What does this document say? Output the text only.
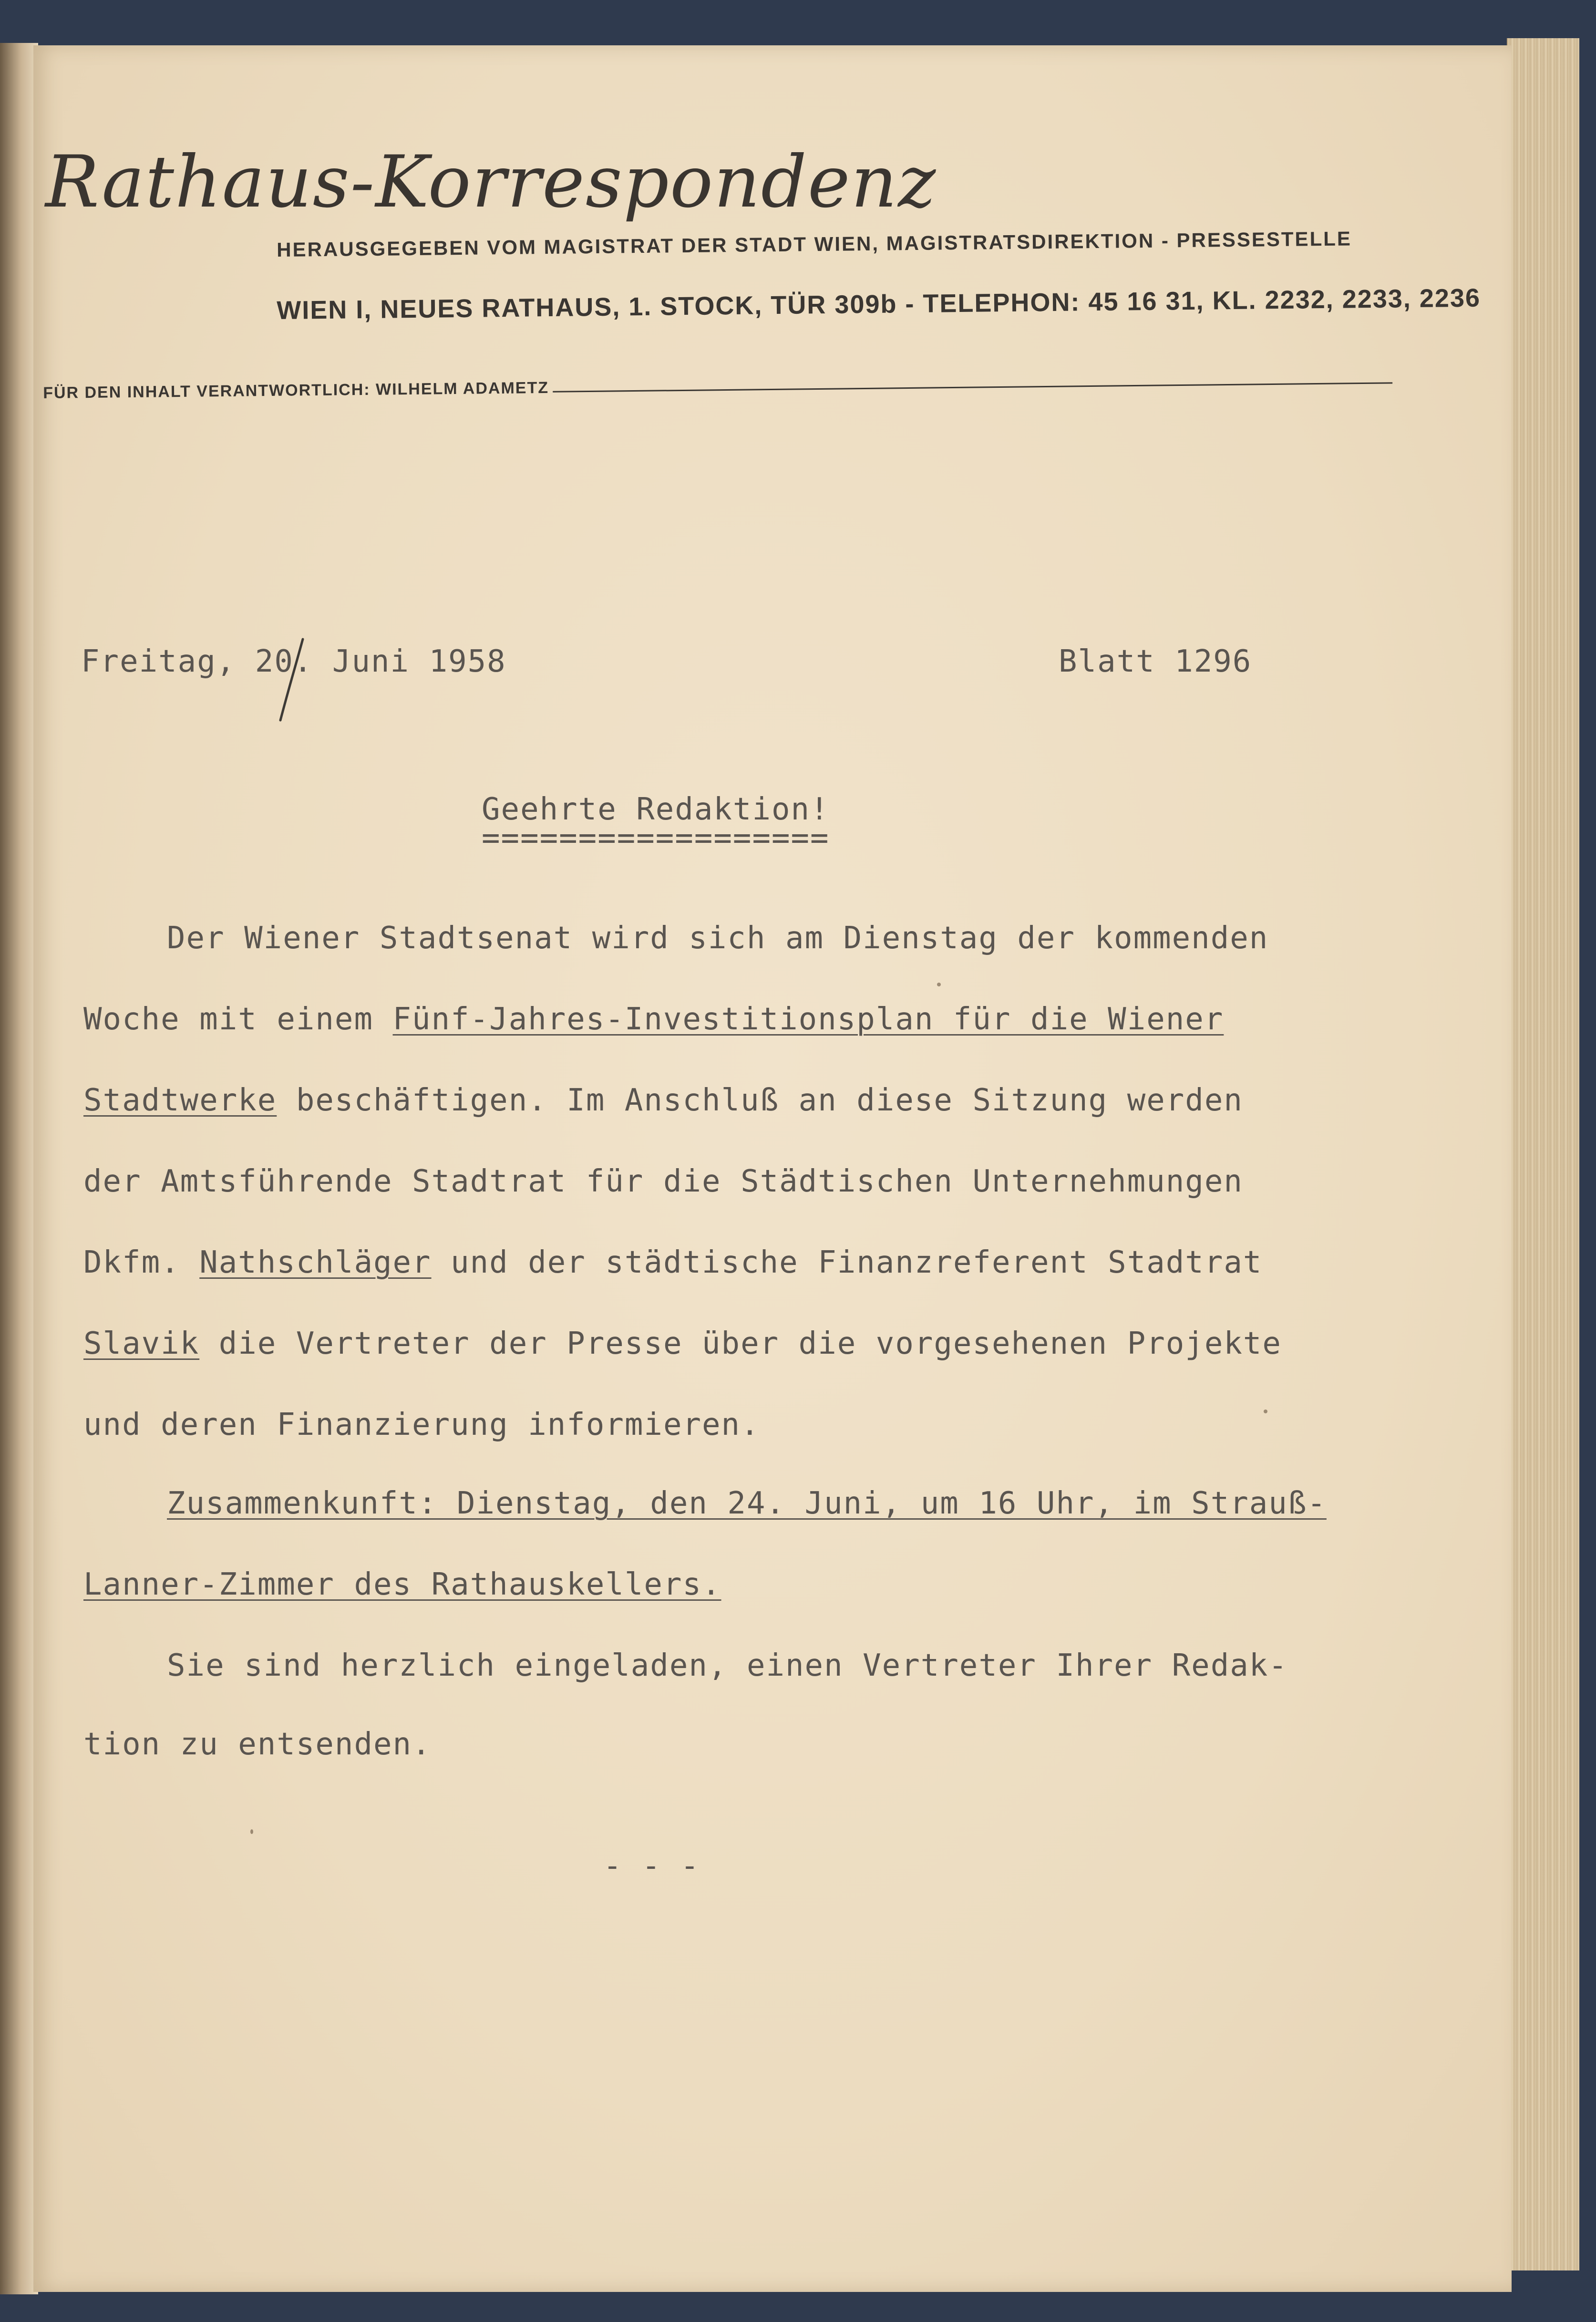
Rathaus-Korrespondenz
HERAUSGEGEBEN VOM MAGISTRAT DER STADT WIEN, MAGISTRATSDIREKTION - PRESSESTELLE
WIEN I, NEUES RATHAUS, 1. STOCK, TÜR 309b - TELEPHON: 45 16 31, KL. 2232, 2233, 2236
FÜR DEN INHALT VERANTWORTLICH: WILHELM ADAMETZ
Freitag, 20. Juni 1958	Blatt 1296
Geehrte Redaktion!
==================
Der Wiener Stadtsenat wird sich am Dienstag der kommenden
Woche mit einem Fünf-Jahres-Investitionsplan für die Wiener
Stadtwerke beschäftigen. Im Anschluß an diese Sitzung werden
der Amtsführende Stadtrat für die Städtischen Unternehmungen
Dkfm. Nathschläger und der städtische Finanzreferent Stadtrat
Slavik die Vertreter der Presse über die vorgesehenen Projekte
und deren Finanzierung informieren.
Zusammenkunft: Dienstag, den 24. Juni, um 16 Uhr, im Strauß-
Lanner-Zimmer des Rathauskellers.
Sie sind herzlich eingeladen, einen Vertreter Ihrer Redak-
tion zu entsenden.
- - -
